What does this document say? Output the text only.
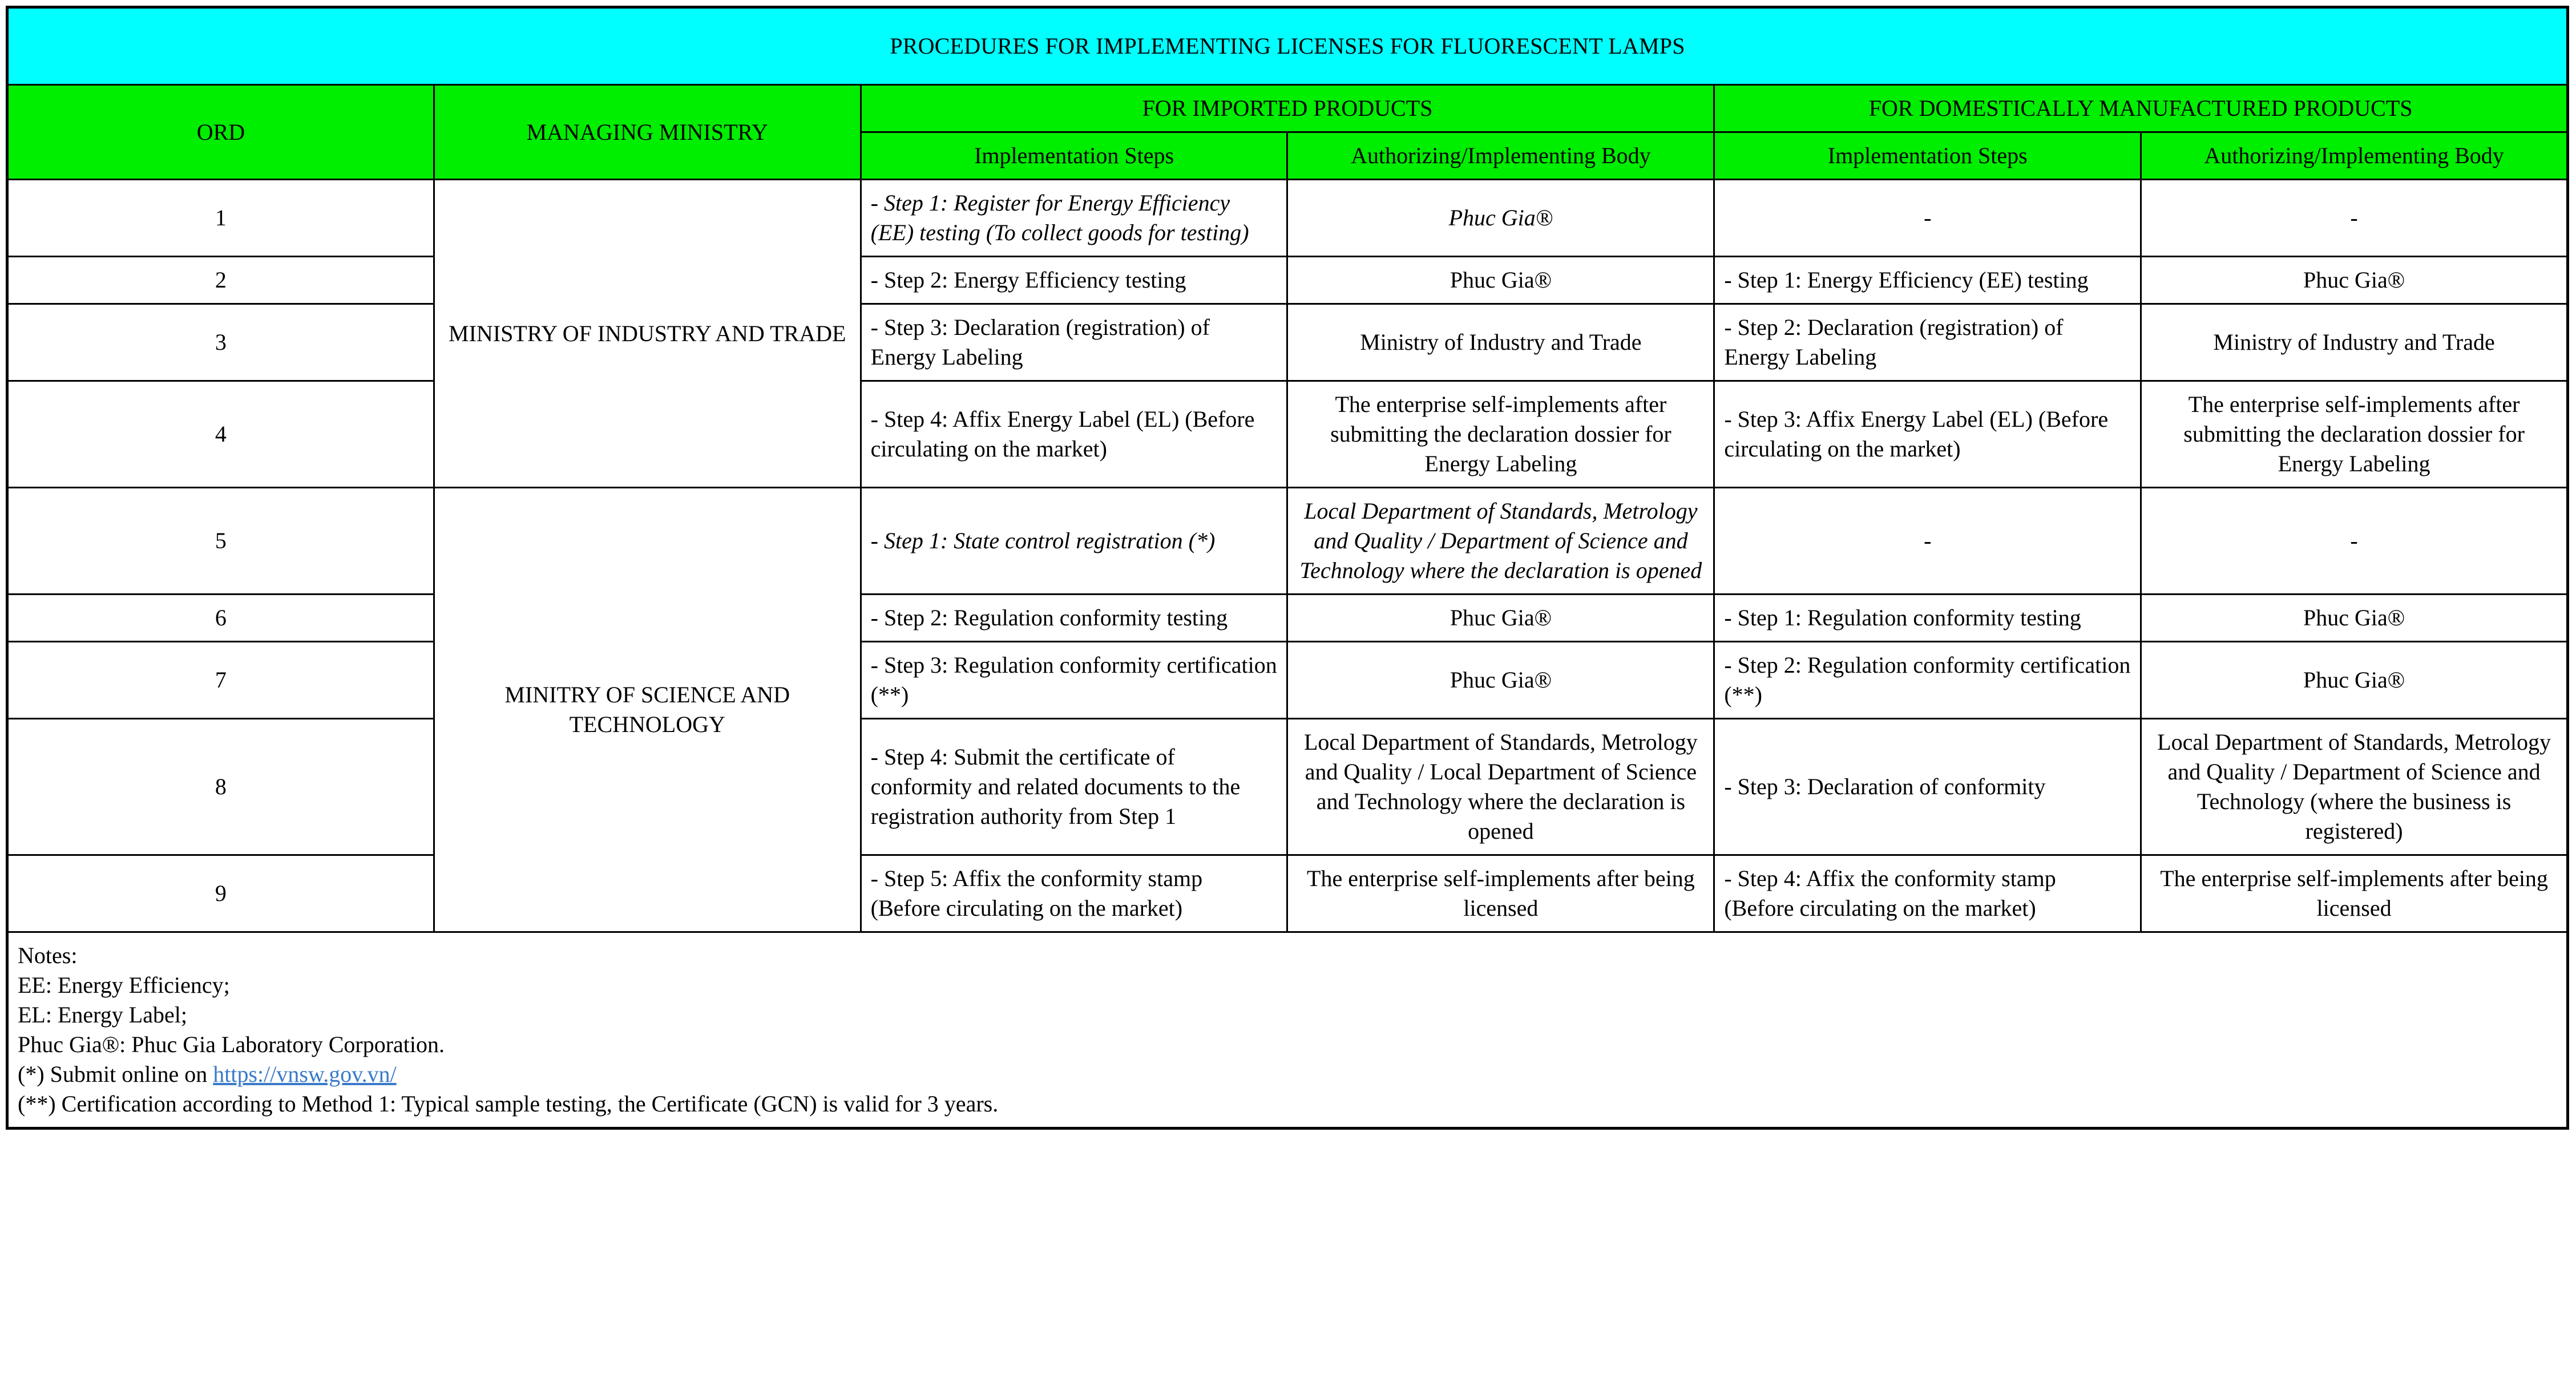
PROCEDURES FOR IMPLEMENTING LICENSES FOR FLUORESCENT LAMPS					
ORD	MANAGING MINISTRY	FOR IMPORTED PRODUCTS		FOR DOMESTICALLY MANUFACTURED PRODUCTS	
		Implementation Steps	Authorizing/Implementing Body	Implementation Steps	Authorizing/Implementing Body
1	MINISTRY OF INDUSTRY AND TRADE	- Step 1: Register for Energy Efficiency (EE) testing (To collect goods for testing)	Phuc Gia®	-	-
2		- Step 2: Energy Efficiency testing	Phuc Gia®	- Step 1: Energy Efficiency (EE) testing	Phuc Gia®
3		- Step 3: Declaration (registration) of Energy Labeling	Ministry of Industry and Trade	- Step 2: Declaration (registration) of Energy Labeling	Ministry of Industry and Trade
4		- Step 4: Affix Energy Label (EL) (Before circulating on the market)	The enterprise self-implements after submitting the declaration dossier for Energy Labeling	- Step 3: Affix Energy Label (EL) (Before circulating on the market)	The enterprise self-implements after submitting the declaration dossier for Energy Labeling
5	MINITRY OF SCIENCE AND TECHNOLOGY	- Step 1: State control registration (*)	Local Department of Standards, Metrology and Quality / Department of Science and Technology where the declaration is opened	-	-
6		- Step 2: Regulation conformity testing	Phuc Gia®	- Step 1: Regulation conformity testing	Phuc Gia®
7		- Step 3: Regulation conformity certification (**)	Phuc Gia®	- Step 2: Regulation conformity certification (**)	Phuc Gia®
8		- Step 4: Submit the certificate of conformity and related documents to the registration authority from Step 1	Local Department of Standards, Metrology and Quality / Local Department of Science and Technology where the declaration is opened	- Step 3: Declaration of conformity	Local Department of Standards, Metrology and Quality / Department of Science and Technology (where the business is registered)
9		- Step 5: Affix the conformity stamp (Before circulating on the market)	The enterprise self-implements after being licensed	- Step 4: Affix the conformity stamp (Before circulating on the market)	The enterprise self-implements after being licensed

Notes:
EE: Energy Efficiency;
EL: Energy Label;
Phuc Gia®: Phuc Gia Laboratory Corporation.
(*) Submit online on https://vnsw.gov.vn/
(**) Certification according to Method 1: Typical sample testing, the Certificate (GCN) is valid for 3 years.
